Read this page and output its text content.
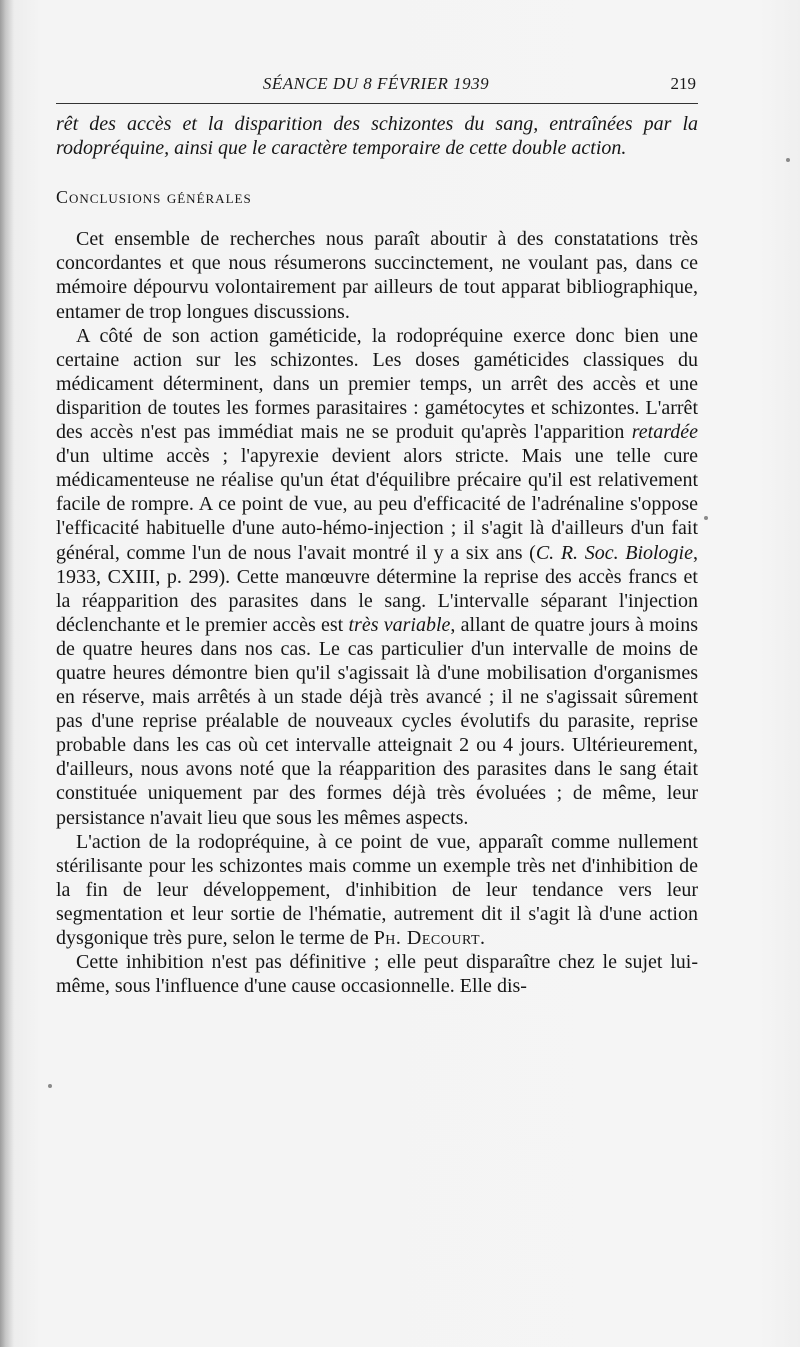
SÉANCE DU 8 FÉVRIER 1939	219

rêt des accès et la disparition des schizontes du sang, entraînées par la rodopréquine, ainsi que le caractère temporaire de cette double action.

Conclusions générales

Cet ensemble de recherches nous paraît aboutir à des constatations très concordantes et que nous résumerons succinctement, ne voulant pas, dans ce mémoire dépourvu volontairement par ailleurs de tout apparat bibliographique, entamer de trop longues discussions.

A côté de son action gaméticide, la rodopréquine exerce donc bien une certaine action sur les schizontes. Les doses gaméticides classiques du médicament déterminent, dans un premier temps, un arrêt des accès et une disparition de toutes les formes parasitaires : gamétocytes et schizontes. L'arrêt des accès n'est pas immédiat mais ne se produit qu'après l'apparition retardée d'un ultime accès ; l'apyrexie devient alors stricte. Mais une telle cure médicamenteuse ne réalise qu'un état d'équilibre précaire qu'il est relativement facile de rompre. A ce point de vue, au peu d'efficacité de l'adrénaline s'oppose l'efficacité habituelle d'une auto-hémo-injection ; il s'agit là d'ailleurs d'un fait général, comme l'un de nous l'avait montré il y a six ans (C. R. Soc. Biologie, 1933, CXIII, p. 299). Cette manœuvre détermine la reprise des accès francs et la réapparition des parasites dans le sang. L'intervalle séparant l'injection déclenchante et le premier accès est très variable, allant de quatre jours à moins de quatre heures dans nos cas. Le cas particulier d'un intervalle de moins de quatre heures démontre bien qu'il s'agissait là d'une mobilisation d'organismes en réserve, mais arrêtés à un stade déjà très avancé ; il ne s'agissait sûrement pas d'une reprise préalable de nouveaux cycles évolutifs du parasite, reprise probable dans les cas où cet intervalle atteignait 2 ou 4 jours. Ultérieurement, d'ailleurs, nous avons noté que la réapparition des parasites dans le sang était constituée uniquement par des formes déjà très évoluées ; de même, leur persistance n'avait lieu que sous les mêmes aspects.

L'action de la rodopréquine, à ce point de vue, apparaît comme nullement stérilisante pour les schizontes mais comme un exemple très net d'inhibition de la fin de leur développement, d'inhibition de leur tendance vers leur segmentation et leur sortie de l'hématie, autrement dit il s'agit là d'une action dysgonique très pure, selon le terme de Ph. Decourt.

Cette inhibition n'est pas définitive ; elle peut disparaître chez le sujet lui-même, sous l'influence d'une cause occasionnelle. Elle dis-
